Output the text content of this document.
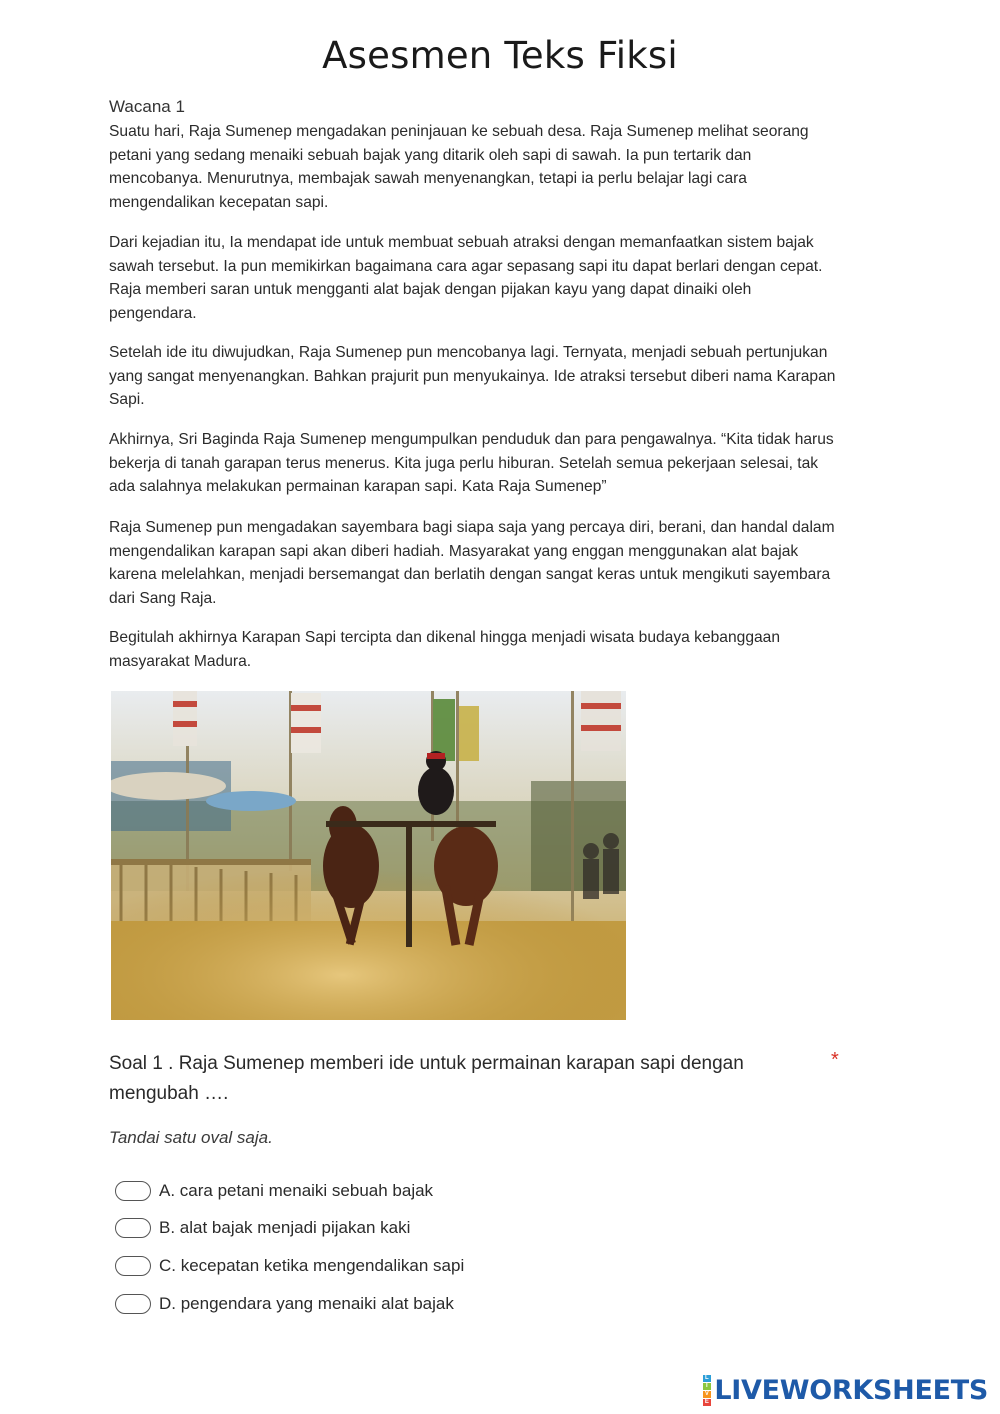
Asesmen Teks Fiksi
Wacana 1

Suatu hari, Raja Sumenep mengadakan peninjauan ke sebuah desa. Raja Sumenep melihat seorang petani yang sedang menaiki sebuah bajak yang ditarik oleh sapi di sawah. Ia pun tertarik dan mencobanya. Menurutnya, membajak sawah menyenangkan, tetapi ia perlu belajar lagi cara mengendalikan kecepatan sapi.

Dari kejadian itu, Ia mendapat ide untuk membuat sebuah atraksi dengan memanfaatkan sistem bajak sawah tersebut. Ia pun memikirkan bagaimana cara agar sepasang sapi itu dapat berlari dengan cepat. Raja memberi saran untuk mengganti alat bajak dengan pijakan kayu yang dapat dinaiki oleh pengendara.

Setelah ide itu diwujudkan, Raja Sumenep pun mencobanya lagi. Ternyata, menjadi sebuah pertunjukan yang sangat menyenangkan. Bahkan prajurit pun menyukainya. Ide atraksi tersebut diberi nama Karapan Sapi.

Akhirnya, Sri Baginda Raja Sumenep mengumpulkan penduduk dan para pengawalnya. “Kita tidak harus bekerja di tanah garapan terus menerus. Kita juga perlu hiburan. Setelah semua pekerjaan selesai, tak ada salahnya melakukan permainan karapan sapi. Kata Raja Sumenep”

Raja Sumenep pun mengadakan sayembara bagi siapa saja yang percaya diri, berani, dan handal dalam mengendalikan karapan sapi akan diberi hadiah. Masyarakat yang enggan menggunakan alat bajak karena melelahkan, menjadi bersemangat dan berlatih dengan sangat keras untuk mengikuti sayembara dari Sang Raja.

Begitulah akhirnya Karapan Sapi tercipta dan dikenal hingga menjadi wisata budaya kebanggaan masyarakat Madura.

Soal 1 . Raja Sumenep memberi ide untuk permainan karapan sapi dengan mengubah ….
*
Tandai satu oval saja.
A. cara petani menaiki sebuah bajak
B. alat bajak menjadi pijakan kaki
C. kecepatan ketika mengendalikan sapi
D. pengendara yang menaiki alat bajak
L
I
V
E LIVEWORKSHEETS
